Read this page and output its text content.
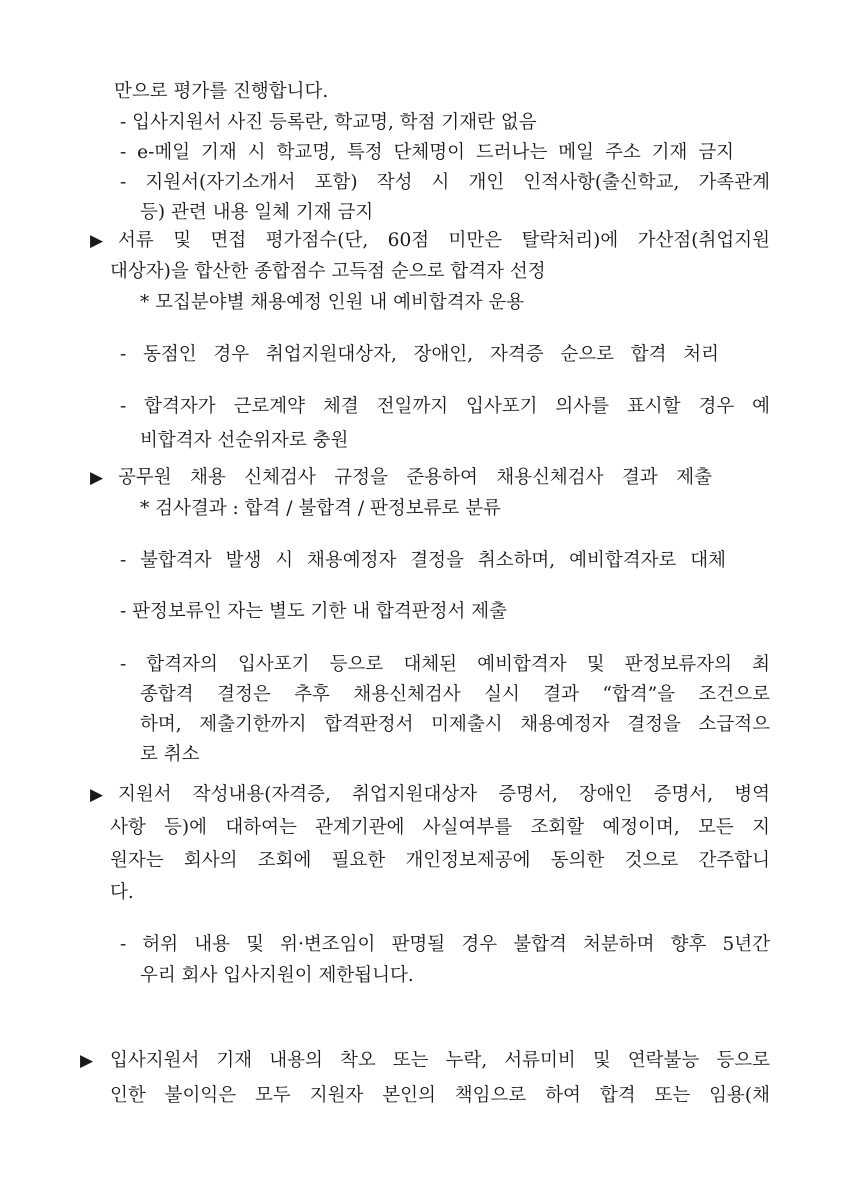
▶
▶
▶
▶
만으로 평가를 진행합니다.
- 입사지원서 사진 등록란, 학교명, 학점 기재란 없음
- e-메일 기재 시 학교명, 특정 단체명이 드러나는 메일 주소 기재 금지
- 지원서(자기소개서 포함) 작성 시 개인 인적사항(출신학교, 가족관계
등) 관련 내용 일체 기재 금지
서류 및 면접 평가점수(단, 60점 미만은 탈락처리)에 가산점(취업지원
대상자)을 합산한 종합점수 고득점 순으로 합격자 선정
* 모집분야별 채용예정 인원 내 예비합격자 운용
- 동점인 경우 취업지원대상자, 장애인, 자격증 순으로 합격 처리
- 합격자가 근로계약 체결 전일까지 입사포기 의사를 표시할 경우 예
비합격자 선순위자로 충원
공무원 채용 신체검사 규정을 준용하여 채용신체검사 결과 제출
* 검사결과 : 합격 / 불합격 / 판정보류로 분류
- 불합격자 발생 시 채용예정자 결정을 취소하며, 예비합격자로 대체
- 판정보류인 자는 별도 기한 내 합격판정서 제출
- 합격자의 입사포기 등으로 대체된 예비합격자 및 판정보류자의 최
종합격 결정은 추후 채용신체검사 실시 결과 “합격”을 조건으로
하며, 제출기한까지 합격판정서 미제출시 채용예정자 결정을 소급적으
로 취소
지원서 작성내용(자격증, 취업지원대상자 증명서, 장애인 증명서, 병역
사항 등)에 대하여는 관계기관에 사실여부를 조회할 예정이며, 모든 지
원자는 회사의 조회에 필요한 개인정보제공에 동의한 것으로 간주합니
다.
- 허위 내용 및 위·변조임이 판명될 경우 불합격 처분하며 향후 5년간
우리 회사 입사지원이 제한됩니다.
입사지원서 기재 내용의 착오 또는 누락, 서류미비 및 연락불능 등으로
인한 불이익은 모두 지원자 본인의 책임으로 하여 합격 또는 임용(채
